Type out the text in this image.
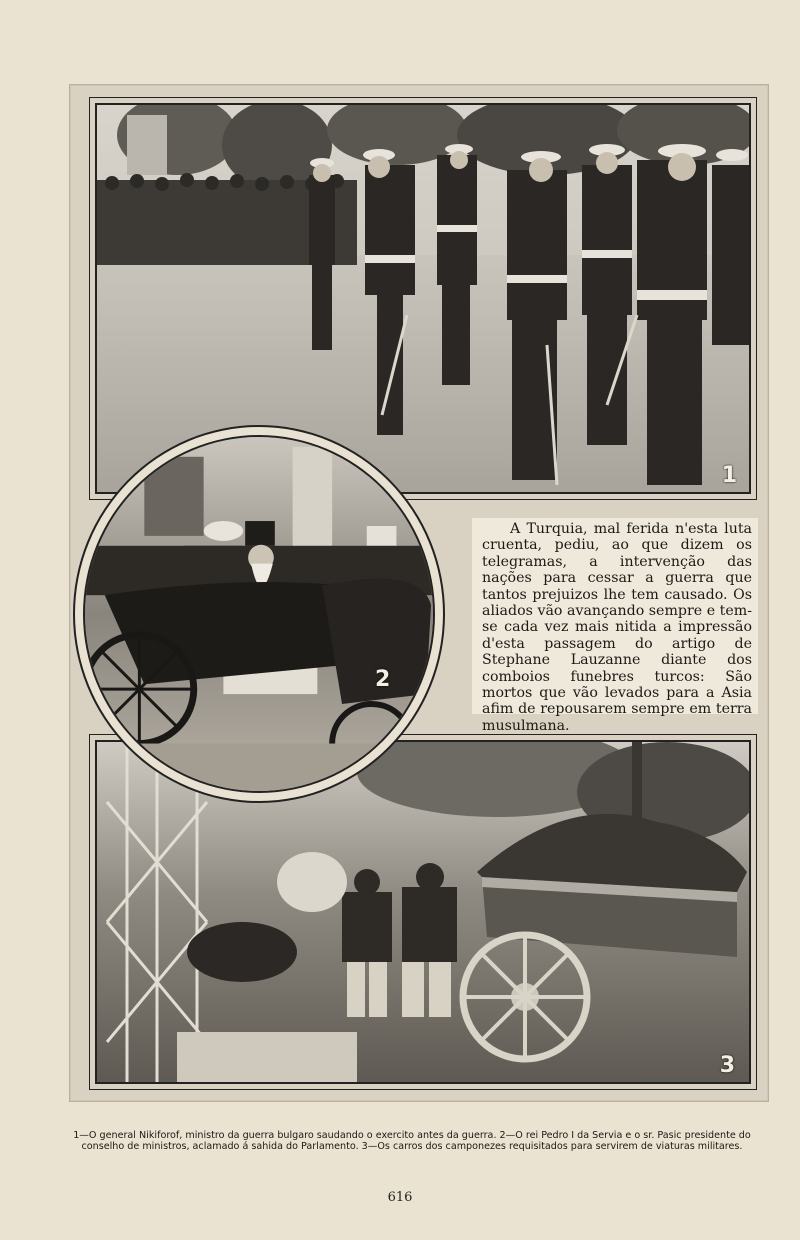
1
3
2

A Turquia, mal ferida n'esta luta cruenta, pediu, ao que dizem os telegramas, a intervenção das nações para cessar a guerra que tantos prejuizos lhe tem causado. Os aliados vão avançando sempre e tem-se cada vez mais nitida a impressão d'esta passagem do artigo de Stephane Lauzanne diante dos comboios funebres turcos: São mortos que vão levados para a Asia afim de repousarem sempre em terra musulmana.

1—O general Nikiforof, ministro da guerra bulgaro saudando o exercito antes da guerra. 2—O rei Pedro I da Servia e o sr. Pasic presidente do conselho de ministros, aclamado á sahida do Parlamento. 3—Os carros dos camponezes requisitados para servirem de viaturas militares.
616
